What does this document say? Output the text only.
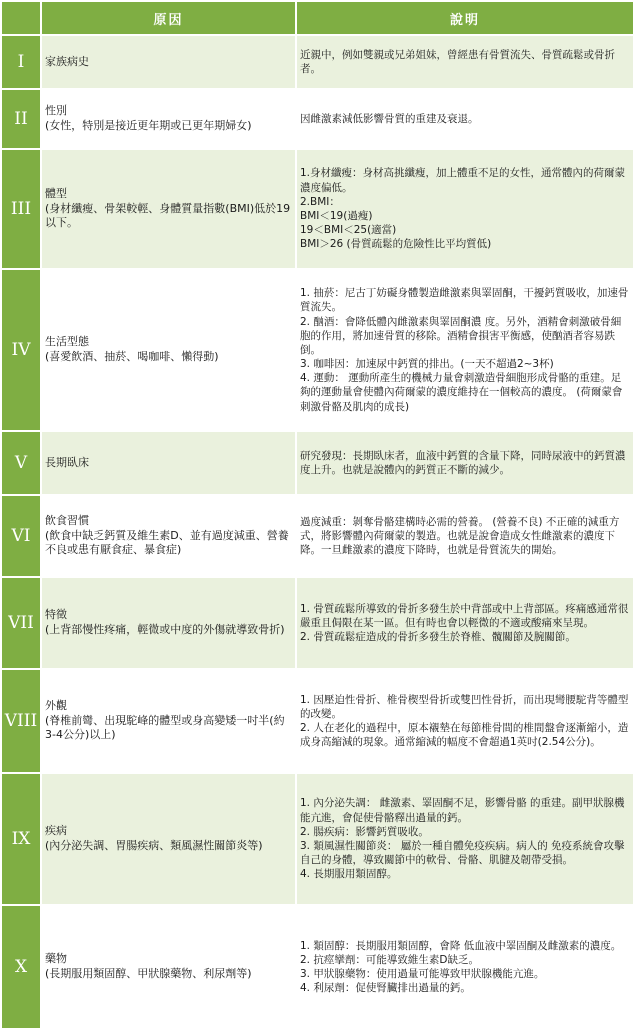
	原因	說明
I	家族病史	近親中，例如雙親或兄弟姐妹，曾經患有骨質流失、骨質疏鬆或骨折者。

II	性別
(女性，特別是接近更年期或已更年期婦女)	因雌激素減低影響骨質的重建及衰退。

III	體型
(身材纖瘦、骨架較輕、身體質量指數(BMI)低於19以下。	1.身材纖瘦：身材高挑纖瘦，加上體重不足的女性，通常體內的荷爾蒙濃度偏低。
2.BMI：
BMI＜19(過瘦)
19＜BMI＜25(適當)
BMI＞26 (骨質疏鬆的危險性比平均質低)

IV	生活型態
(喜愛飲酒、抽菸、喝咖啡、懶得動)	1. 抽菸：尼古丁妨礙身體製造雌激素與睪固酮，干擾鈣質吸收，加速骨質流失。
2. 酗酒：會降低體內雌激素與睪固酮濃 度。另外，酒精會刺激破骨細胞的作用，將加速骨質的移除。酒精會損害平衡感，使酗酒者容易跌倒。
3. 咖啡因：加速尿中鈣質的排出。(一天不超過2~3杯)
4. 運動： 運動所產生的機械力量會刺激造骨細胞形成骨骼的重建。足夠的運動量會使體內荷爾蒙的濃度維持在一個較高的濃度。 (荷爾蒙會刺激骨骼及肌肉的成長)

V	長期臥床	研究發現：長期臥床者，血液中鈣質的含量下降，同時尿液中的鈣質濃度上升。也就是說體內的鈣質正不斷的減少。

VI	飲食習慣
(飲食中缺乏鈣質及維生素D、並有過度減重、營養不良或患有厭食症、暴食症)	過度減重：剝奪骨骼建構時必需的營養。 (營養不良) 不正確的減重方式，將影響體內荷爾蒙的製造。也就是說會造成女性雌激素的濃度下降。一旦雌激素的濃度下降時，也就是骨質流失的開始。

VII	特徵
(上背部慢性疼痛，輕微或中度的外傷就導致骨折)	1. 骨質疏鬆所導致的骨折多發生於中背部或中上背部區。疼痛感通常很嚴重且侷限在某一區。但有時也會以輕微的不適或酸痛來呈現。
2. 骨質疏鬆症造成的骨折多發生於脊椎、髖關節及腕關節。

VIII	外觀
(脊椎前彎、出現駝峰的體型或身高變矮一吋半(約3-4公分)以上)	1. 因壓迫性骨折、椎骨楔型骨折或雙凹性骨折，而出現彎腰駝背等體型的改變。
2. 人在老化的過程中，原本襯墊在每節椎骨間的椎間盤會逐漸縮小，造成身高縮減的現象。通常縮減的幅度不會超過1英吋(2.54公分)。

IX	疾病
(內分泌失調、胃腸疾病、類風濕性關節炎等)	1. 內分泌失調： 雌激素、睪固酮不足，影響骨骼 的重建。副甲狀腺機能亢進，會促使骨骼釋出過量的鈣。
2. 腸疾病：影響鈣質吸收。
3. 類風濕性關節炎： 屬於一種自體免疫疾病。病人的 免疫系統會攻擊自己的身體，導致關節中的軟骨、骨骼、肌腱及韌帶受損。
4. 長期服用類固醇。

X	藥物
(長期服用類固醇、甲狀腺藥物、利尿劑等)	1. 類固醇：長期服用類固醇，會降 低血液中睪固酮及雌激素的濃度。
2. 抗痙攣劑：可能導致維生素D缺乏。
3. 甲狀腺藥物：使用過量可能導致甲狀腺機能亢進。
4. 利尿劑：促使腎臟排出過量的鈣。
